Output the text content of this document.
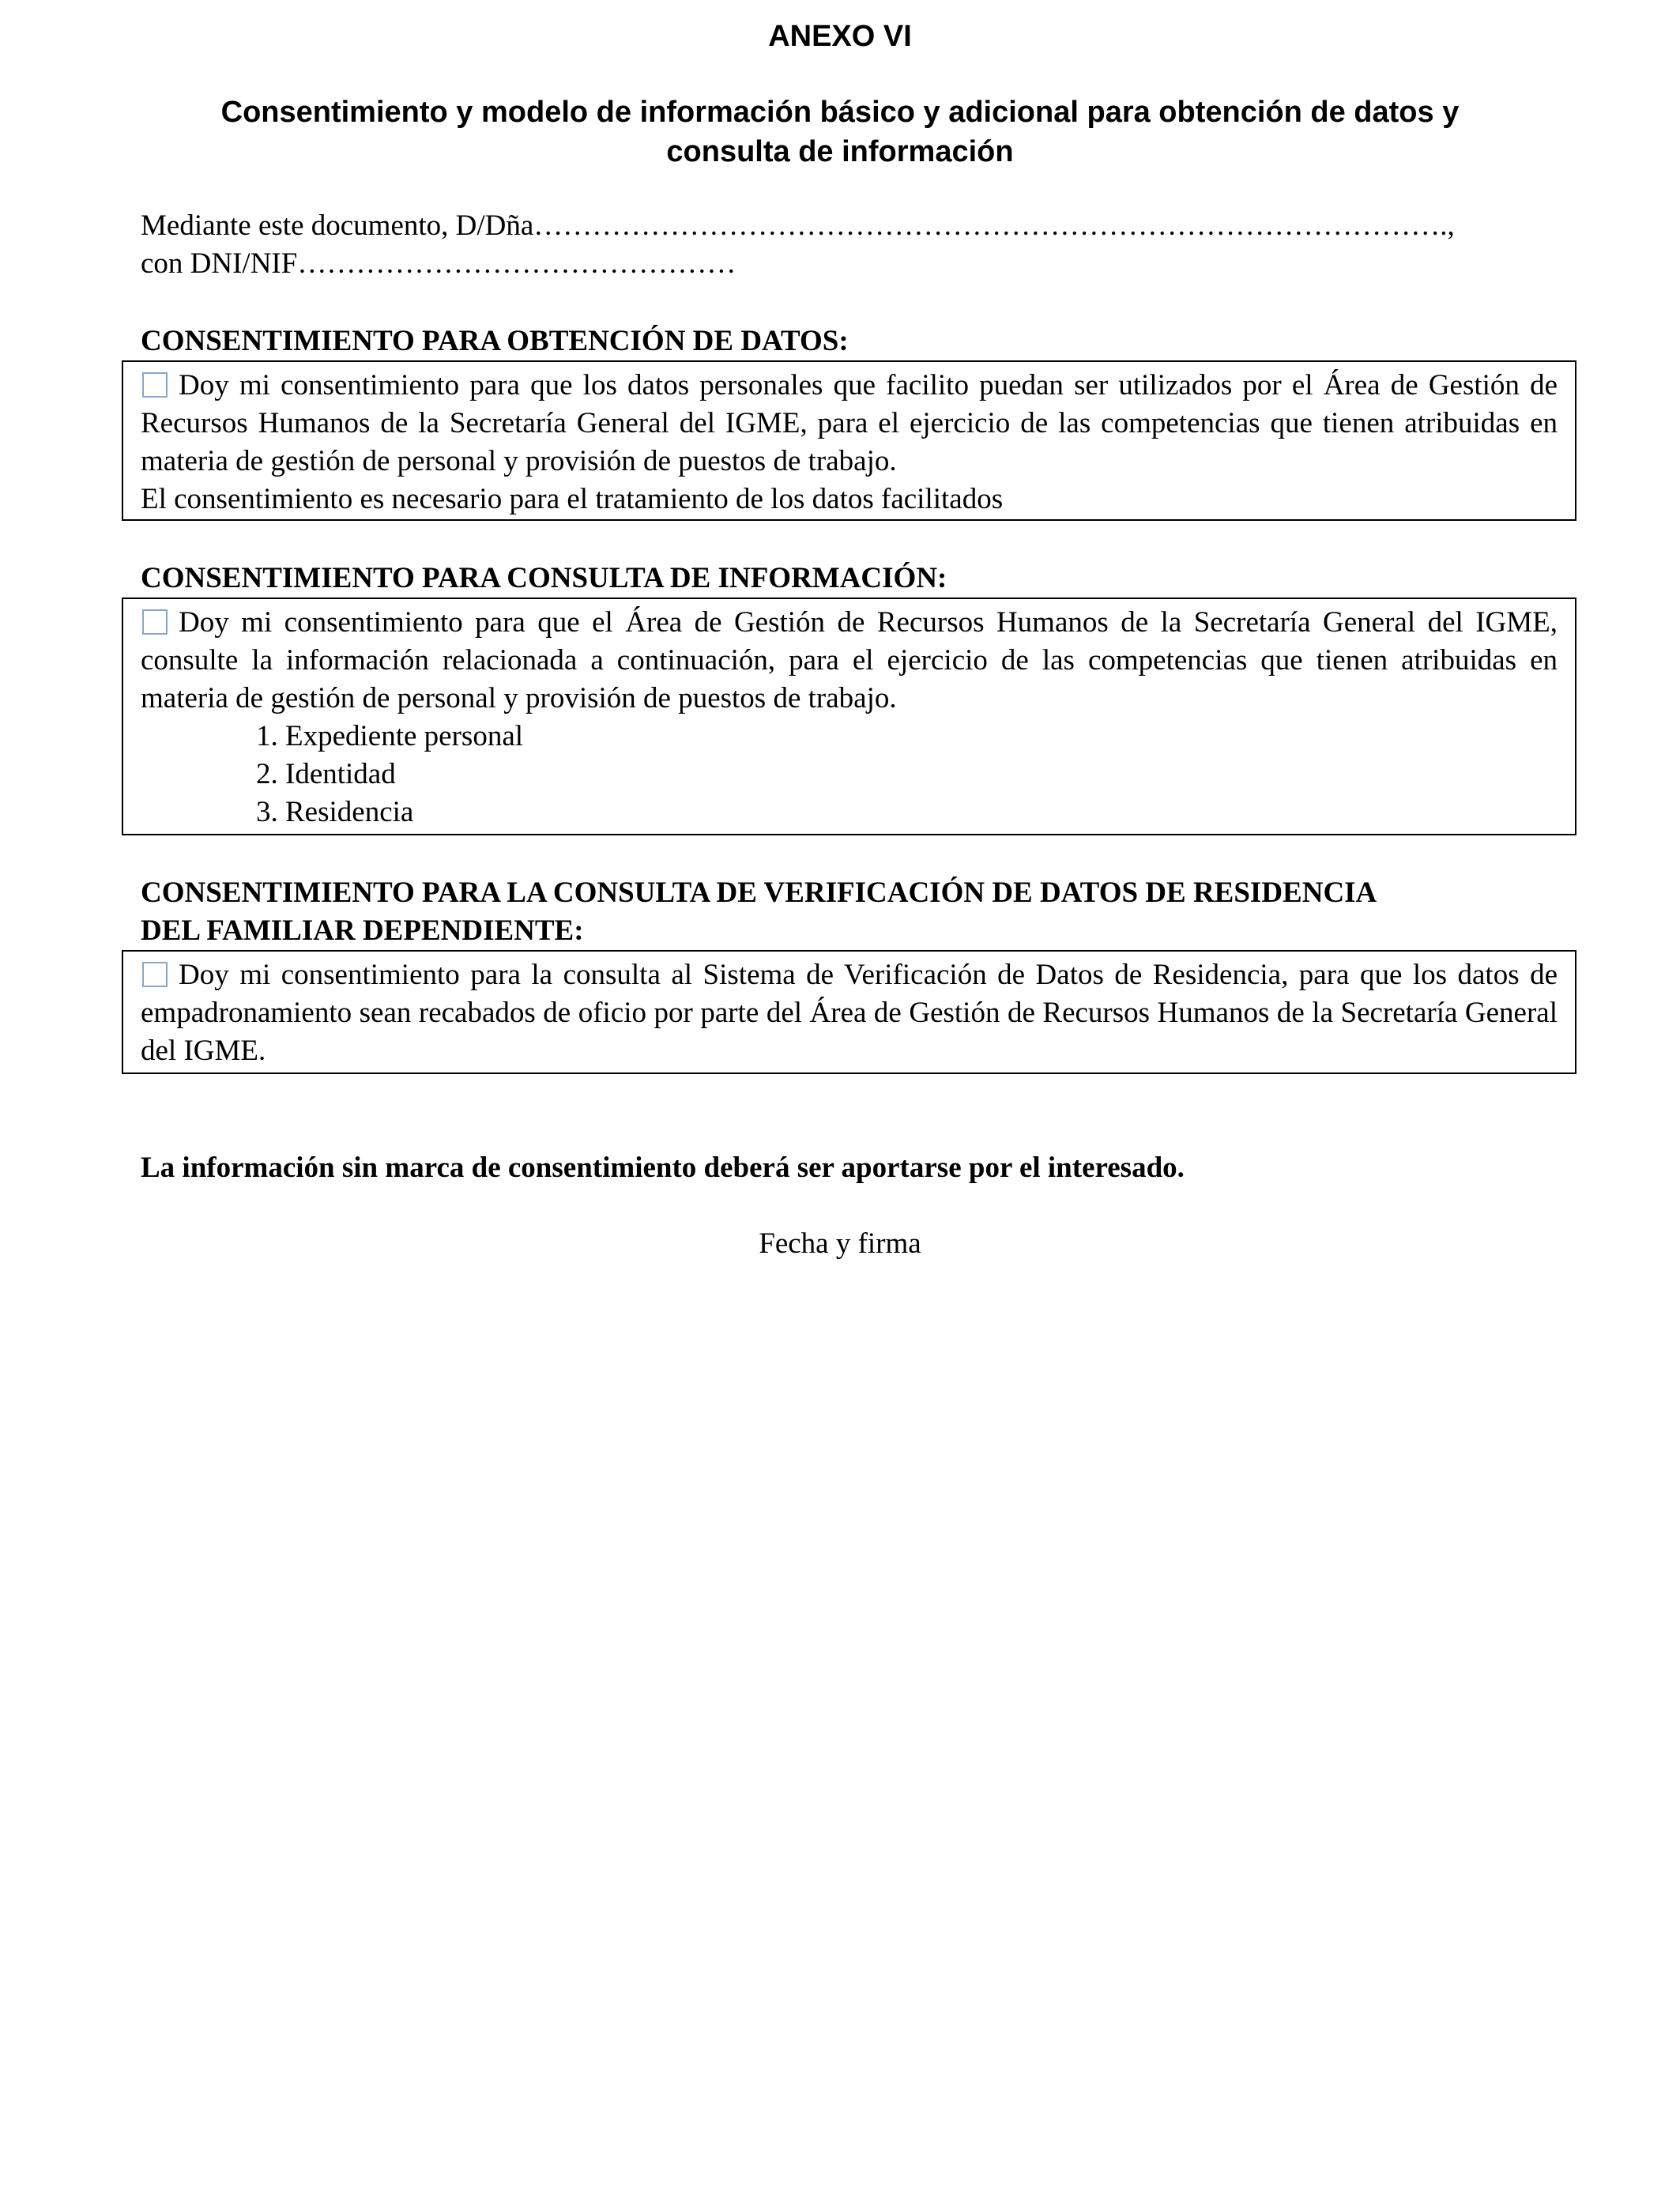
ANEXO VI
Consentimiento y modelo de información básico y adicional para obtención de datos y
consulta de información
Mediante este documento, D/Dña………………………………………………………………………………….,
con DNI/NIF………………………………………
CONSENTIMIENTO PARA OBTENCIÓN DE DATOS:

Doy mi consentimiento para que los datos personales que facilito puedan ser utilizados por el Área de Gestión de Recursos Humanos de la Secretaría General del IGME, para el ejercicio de las competencias que tienen atribuidas en materia de gestión de personal y provisión de puestos de trabajo.

El consentimiento es necesario para el tratamiento de los datos facilitados

CONSENTIMIENTO PARA CONSULTA DE INFORMACIÓN:

Doy mi consentimiento para que el Área de Gestión de Recursos Humanos de la Secretaría General del IGME, consulte la información relacionada a continuación, para el ejercicio de las competencias que tienen atribuidas en materia de gestión de personal y provisión de puestos de trabajo.

1. Expediente personal
2. Identidad
3. Residencia
CONSENTIMIENTO PARA LA CONSULTA DE VERIFICACIÓN DE DATOS DE RESIDENCIA
DEL FAMILIAR DEPENDIENTE:

Doy mi consentimiento para la consulta al Sistema de Verificación de Datos de Residencia, para que los datos de empadronamiento sean recabados de oficio por parte del Área de Gestión de Recursos Humanos de la Secretaría General del IGME.

La información sin marca de consentimiento deberá ser aportarse por el interesado.
Fecha y firma
